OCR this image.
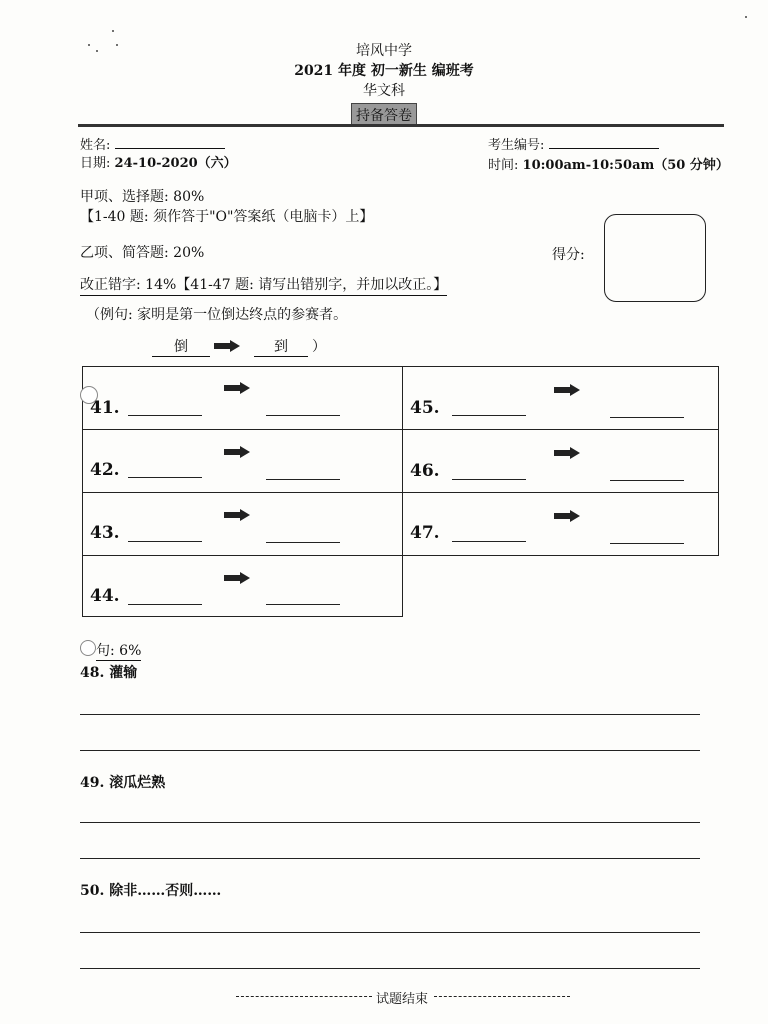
培风中学
2021 年度 初一新生 编班考
华文科
持备答卷
姓名:
日期: 24-10-2020（六）
考生编号:
时间: 10:00am-10:50am（50 分钟）
甲项、选择题: 80%
【1-40 题: 须作答于"O"答案纸（电脑卡）上】
乙项、简答题: 20%	得分:
改正错字: 14%【41-47 题: 请写出错别字，并加以改正。】
（例句: 家明是第一位倒达终点的参赛者。
倒	到	）
41.
42.
43.
44.
45.
46.
47.
句: 6%
48. 灌输
49. 滚瓜烂熟
50. 除非……否则……
试题结束
